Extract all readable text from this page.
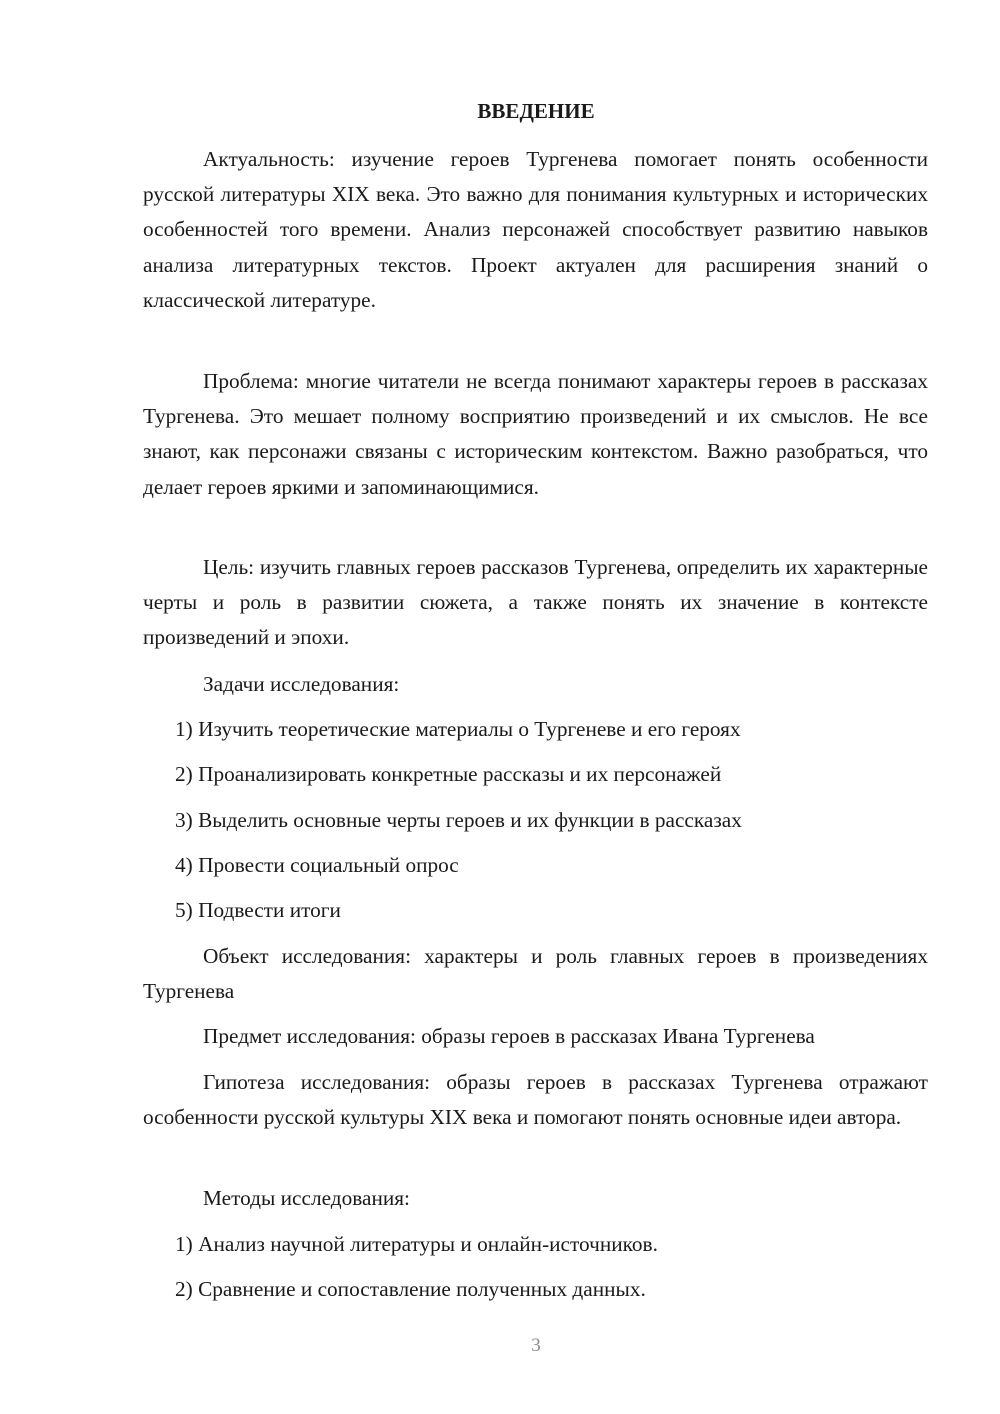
ВВЕДЕНИЕ

Актуальность: изучение героев Тургенева помогает понять особенности русской литературы XIX века. Это важно для понимания культурных и исторических особенностей того времени. Анализ персонажей способствует развитию навыков анализа литературных текстов. Проект актуален для расширения знаний о классической литературе.

Проблема: многие читатели не всегда понимают характеры героев в рассказах Тургенева. Это мешает полному восприятию произведений и их смыслов. Не все знают, как персонажи связаны с историческим контекстом. Важно разобраться, что делает героев яркими и запоминающимися.

Цель: изучить главных героев рассказов Тургенева, определить их характерные черты и роль в развитии сюжета, а также понять их значение в контексте произведений и эпохи.

Задачи исследования:

1) Изучить теоретические материалы о Тургеневе и его героях

2) Проанализировать конкретные рассказы и их персонажей

3) Выделить основные черты героев и их функции в рассказах

4) Провести социальный опрос

5) Подвести итоги

Объект исследования: характеры и роль главных героев в произведениях Тургенева

Предмет исследования: образы героев в рассказах Ивана Тургенева

Гипотеза исследования: образы героев в рассказах Тургенева отражают особенности русской культуры XIX века и помогают понять основные идеи автора.

Методы исследования:

1) Анализ научной литературы и онлайн-источников.

2) Сравнение и сопоставление полученных данных.

3
